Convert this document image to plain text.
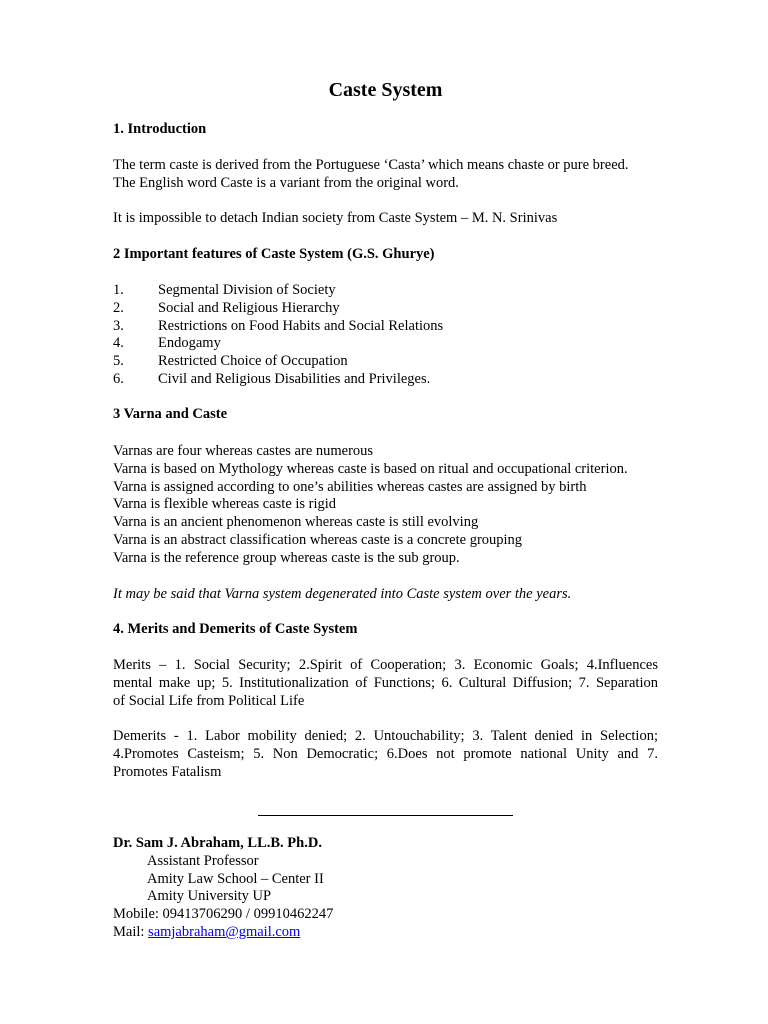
Caste System
1. Introduction
The term caste is derived from the Portuguese ‘Casta’ which means chaste or pure breed.
The English word Caste is a variant from the original word.
It is impossible to detach Indian society from Caste System – M. N. Srinivas
2 Important features of Caste System (G.S. Ghurye)
1. Segmental Division of Society
2. Social and Religious Hierarchy
3. Restrictions on Food Habits and Social Relations
4. Endogamy
5. Restricted Choice of Occupation
6. Civil and Religious Disabilities and Privileges.
3 Varna and Caste
Varnas are four whereas castes are numerous
Varna is based on Mythology whereas caste is based on ritual and occupational criterion.
Varna is assigned according to one’s abilities whereas castes are assigned by birth
Varna is flexible whereas caste is rigid
Varna is an ancient phenomenon whereas caste is still evolving
Varna is an abstract classification whereas caste is a concrete grouping
Varna is the reference group whereas caste is the sub group.
It may be said that Varna system degenerated into Caste system over the years.
4. Merits and Demerits of Caste System
Merits – 1. Social Security; 2.Spirit of Cooperation; 3. Economic Goals; 4.Influences
mental make up; 5. Institutionalization of Functions; 6. Cultural Diffusion; 7. Separation
of Social Life from Political Life
Demerits - 1. Labor mobility denied; 2. Untouchability; 3. Talent denied in Selection;
4.Promotes Casteism; 5. Non Democratic; 6.Does not promote national Unity and 7.
Promotes Fatalism
Dr. Sam J. Abraham, LL.B. Ph.D.
Assistant Professor
Amity Law School – Center II
Amity University UP
Mobile: 09413706290 / 09910462247
Mail: samjabraham@gmail.com
